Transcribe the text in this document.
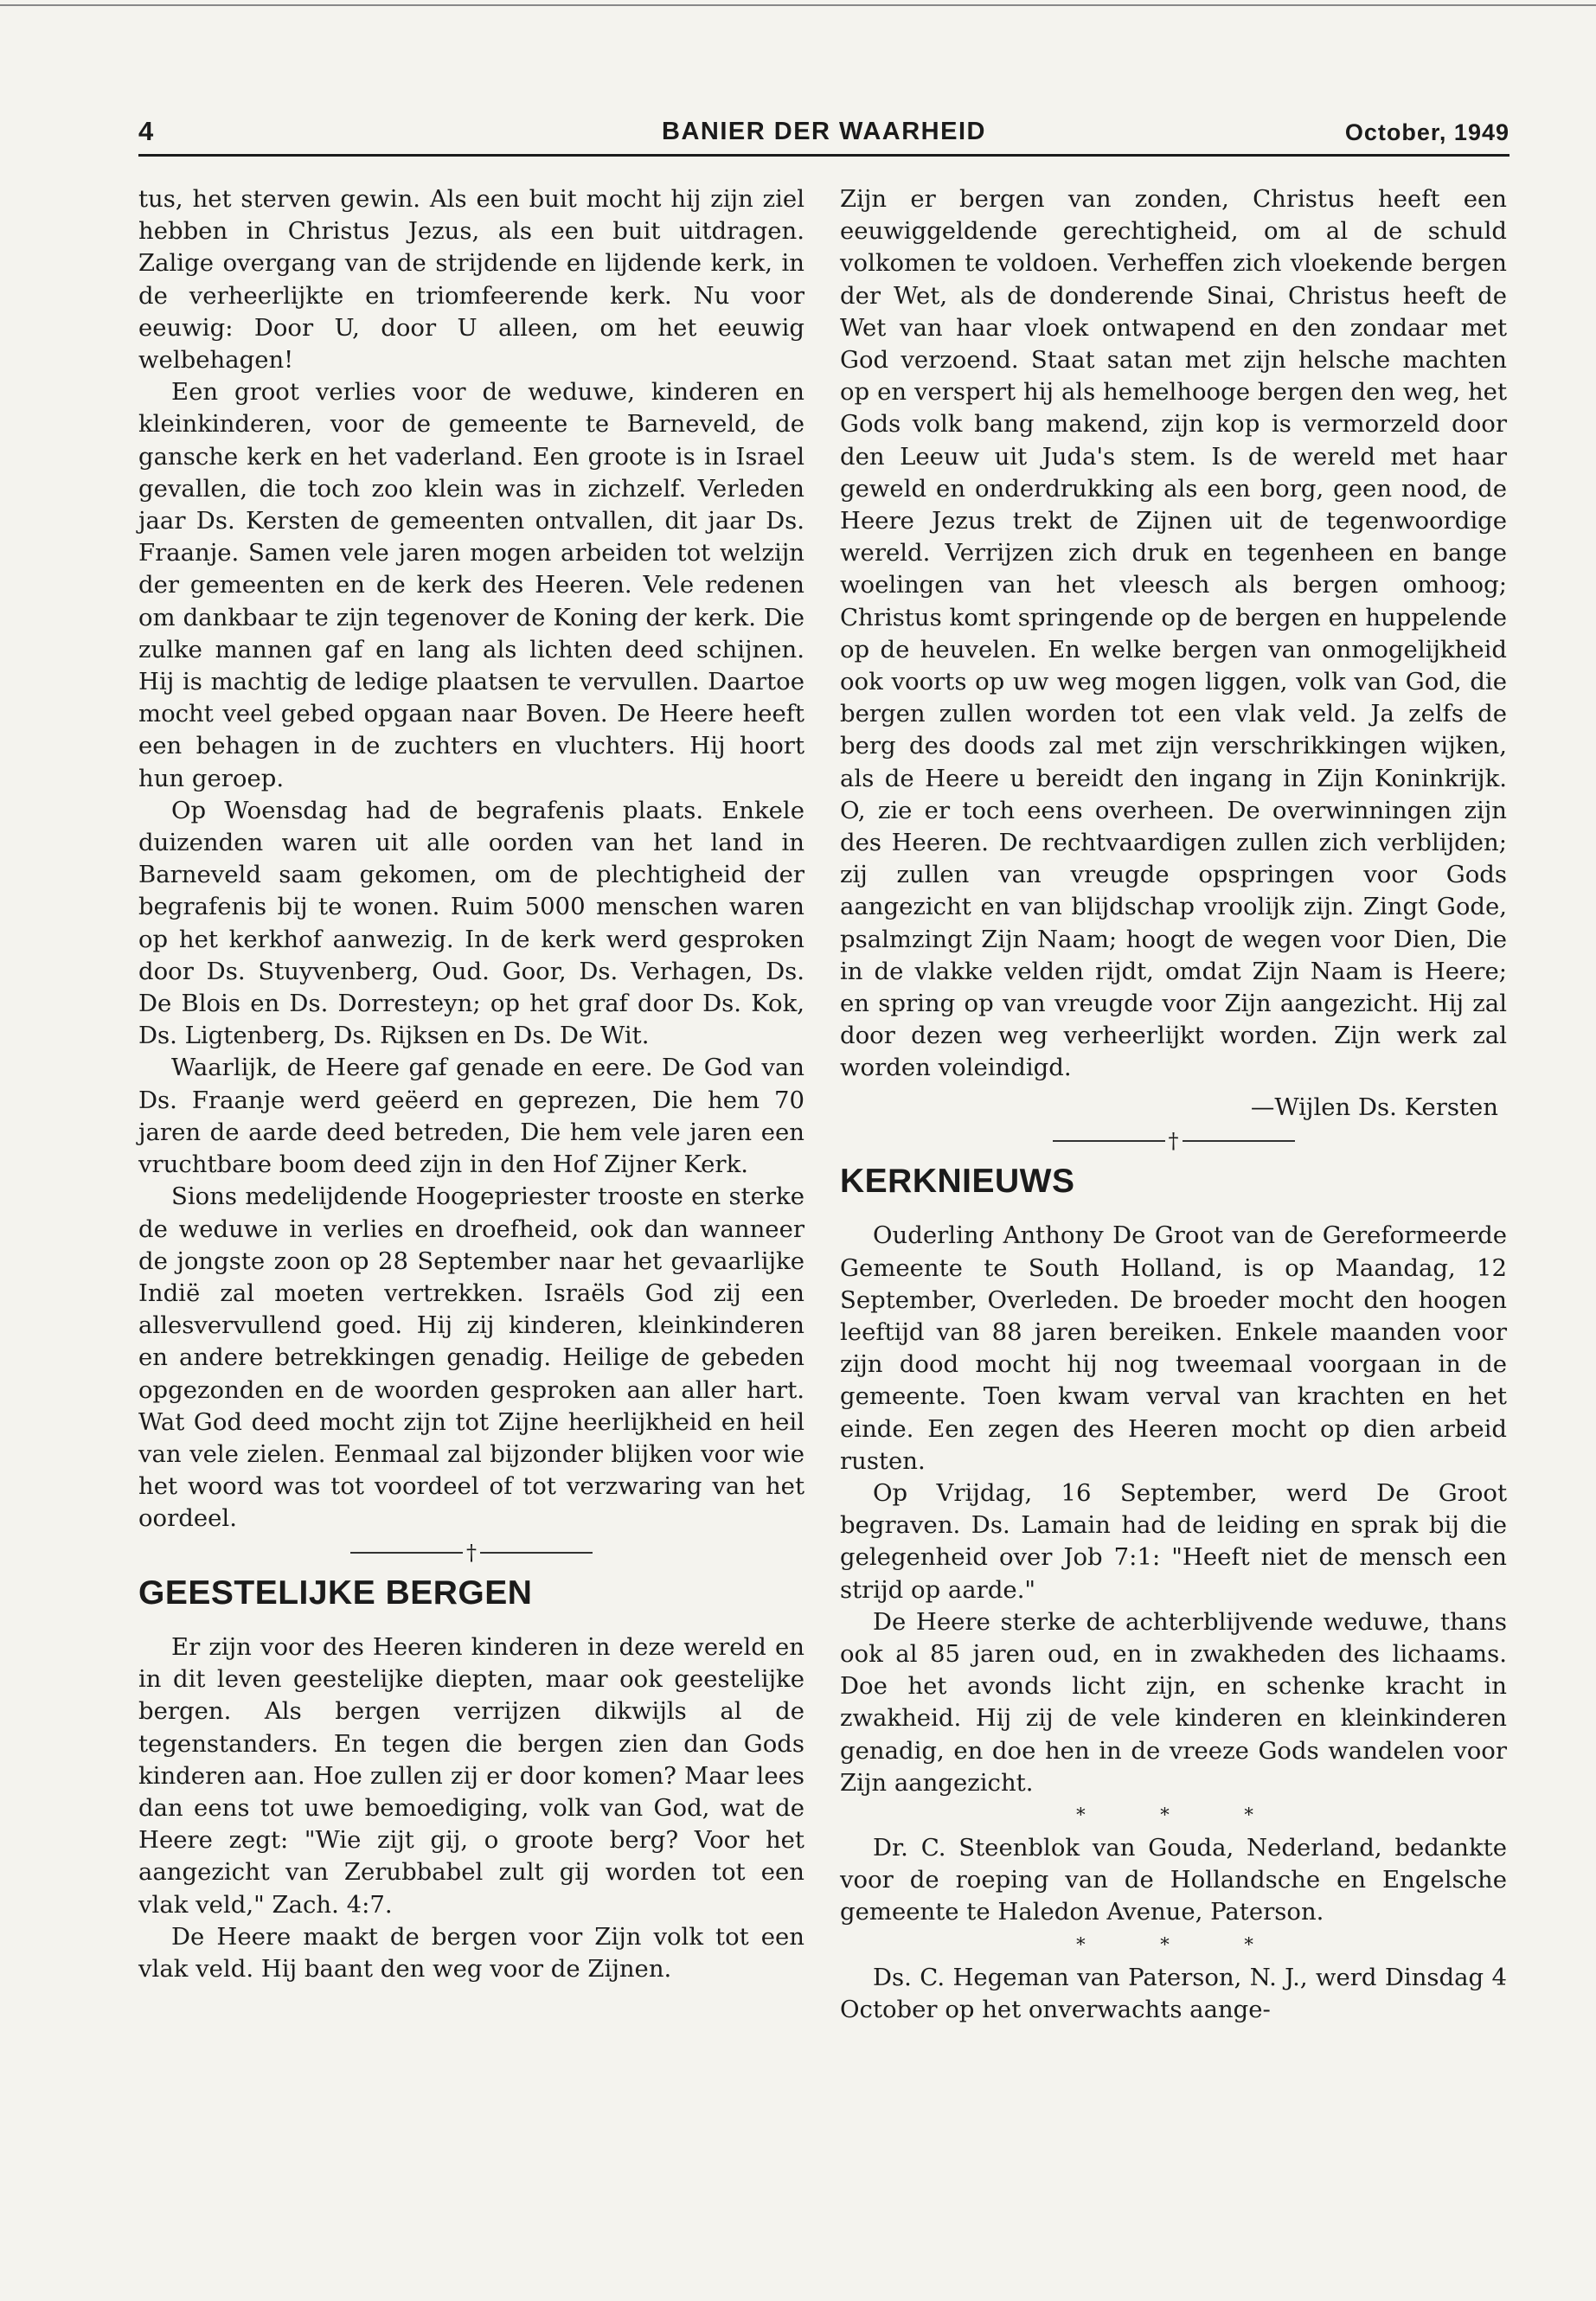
4	BANIER DER WAARHEID	October, 1949

tus, het sterven gewin. Als een buit mocht hij zijn ziel hebben in Christus Jezus, als een buit uitdragen. Zalige overgang van de strijdende en lijdende kerk, in de verheerlijkte en triomfeerende kerk. Nu voor eeuwig: Door U, door U alleen, om het eeuwig welbehagen!

Een groot verlies voor de weduwe, kinderen en kleinkinderen, voor de gemeente te Barneveld, de gansche kerk en het vaderland. Een groote is in Israel gevallen, die toch zoo klein was in zichzelf. Verleden jaar Ds. Kersten de gemeenten ontvallen, dit jaar Ds. Fraanje. Samen vele jaren mogen arbeiden tot welzijn der gemeenten en de kerk des Heeren. Vele redenen om dankbaar te zijn tegenover de Koning der kerk. Die zulke mannen gaf en lang als lichten deed schijnen. Hij is machtig de ledige plaatsen te vervullen. Daartoe mocht veel gebed opgaan naar Boven. De Heere heeft een behagen in de zuchters en vluchters. Hij hoort hun geroep.

Op Woensdag had de begrafenis plaats. Enkele duizenden waren uit alle oorden van het land in Barneveld saam gekomen, om de plechtigheid der begrafenis bij te wonen. Ruim 5000 menschen waren op het kerkhof aanwezig. In de kerk werd gesproken door Ds. Stuyvenberg, Oud. Goor, Ds. Verhagen, Ds. De Blois en Ds. Dorresteyn; op het graf door Ds. Kok, Ds. Ligtenberg, Ds. Rijksen en Ds. De Wit.

Waarlijk, de Heere gaf genade en eere. De God van Ds. Fraanje werd geëerd en geprezen, Die hem 70 jaren de aarde deed betreden, Die hem vele jaren een vruchtbare boom deed zijn in den Hof Zijner Kerk.

Sions medelijdende Hoogepriester trooste en sterke de weduwe in verlies en droefheid, ook dan wanneer de jongste zoon op 28 September naar het gevaarlijke Indië zal moeten vertrekken. Israëls God zij een allesvervullend goed. Hij zij kinderen, kleinkinderen en andere betrekkingen genadig. Heilige de gebeden opgezonden en de woorden gesproken aan aller hart. Wat God deed mocht zijn tot Zijne heerlijkheid en heil van vele zielen. Eenmaal zal bijzonder blijken voor wie het woord was tot voordeel of tot verzwaring van het oordeel.

†
GEESTELIJKE BERGEN

Er zijn voor des Heeren kinderen in deze wereld en in dit leven geestelijke diepten, maar ook geestelijke bergen. Als bergen verrijzen dikwijls al de tegenstanders. En tegen die bergen zien dan Gods kinderen aan. Hoe zullen zij er door komen? Maar lees dan eens tot uwe bemoediging, volk van God, wat de Heere zegt: "Wie zijt gij, o groote berg? Voor het aangezicht van Zerubbabel zult gij worden tot een vlak veld," Zach. 4:7.

De Heere maakt de bergen voor Zijn volk tot een vlak veld. Hij baant den weg voor de Zijnen.

Zijn er bergen van zonden, Christus heeft een eeuwiggeldende gerechtigheid, om al de schuld volkomen te voldoen. Verheffen zich vloekende bergen der Wet, als de donderende Sinai, Christus heeft de Wet van haar vloek ontwapend en den zondaar met God verzoend. Staat satan met zijn helsche machten op en verspert hij als hemelhooge bergen den weg, het Gods volk bang makend, zijn kop is vermorzeld door den Leeuw uit Juda's stem. Is de wereld met haar geweld en onderdrukking als een borg, geen nood, de Heere Jezus trekt de Zijnen uit de tegenwoordige wereld. Verrijzen zich druk en tegenheen en bange woelingen van het vleesch als bergen omhoog; Christus komt springende op de bergen en huppelende op de heuvelen. En welke bergen van onmogelijkheid ook voorts op uw weg mogen liggen, volk van God, die bergen zullen worden tot een vlak veld. Ja zelfs de berg des doods zal met zijn verschrikkingen wijken, als de Heere u bereidt den ingang in Zijn Koninkrijk. O, zie er toch eens overheen. De overwinningen zijn des Heeren. De rechtvaardigen zullen zich verblijden; zij zullen van vreugde opspringen voor Gods aangezicht en van blijdschap vroolijk zijn. Zingt Gode, psalmzingt Zijn Naam; hoogt de wegen voor Dien, Die in de vlakke velden rijdt, omdat Zijn Naam is Heere; en spring op van vreugde voor Zijn aangezicht. Hij zal door dezen weg verheerlijkt worden. Zijn werk zal worden voleindigd.

—Wijlen Ds. Kersten

†
KERKNIEUWS

Ouderling Anthony De Groot van de Gereformeerde Gemeente te South Holland, is op Maandag, 12 September, Overleden. De broeder mocht den hoogen leeftijd van 88 jaren bereiken. Enkele maanden voor zijn dood mocht hij nog tweemaal voorgaan in de gemeente. Toen kwam verval van krachten en het einde. Een zegen des Heeren mocht op dien arbeid rusten.

Op Vrijdag, 16 September, werd De Groot begraven. Ds. Lamain had de leiding en sprak bij die gelegenheid over Job 7:1: "Heeft niet de mensch een strijd op aarde."

De Heere sterke de achterblijvende weduwe, thans ook al 85 jaren oud, en in zwakheden des lichaams. Doe het avonds licht zijn, en schenke kracht in zwakheid. Hij zij de vele kinderen en kleinkinderen genadig, en doe hen in de vreeze Gods wandelen voor Zijn aangezicht.

* * *

Dr. C. Steenblok van Gouda, Nederland, bedankte voor de roeping van de Hollandsche en Engelsche gemeente te Haledon Avenue, Paterson.

* * *

Ds. C. Hegeman van Paterson, N. J., werd Dinsdag 4 October op het onverwachts aange-
